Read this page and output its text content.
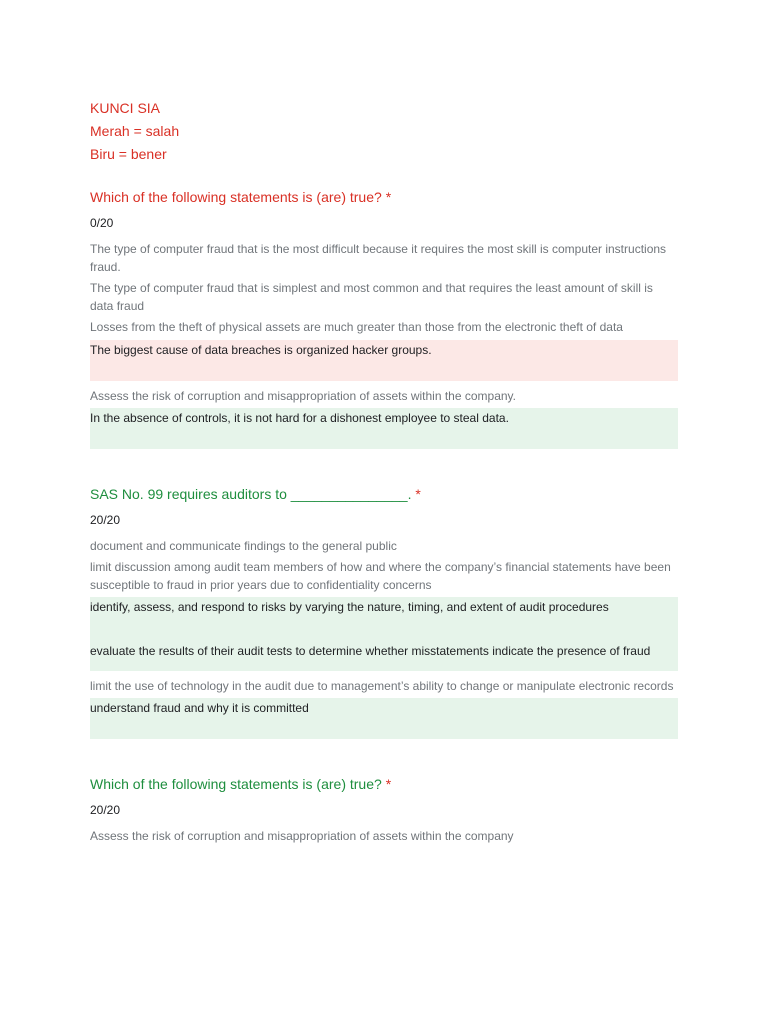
KUNCI SIA
Merah = salah
Biru = bener

Which of the following statements is (are) true? *

0/20
The type of computer fraud that is the most difficult because it requires the most skill is computer instructions fraud.
The type of computer fraud that is simplest and most common and that requires the least amount of skill is data fraud
Losses from the theft of physical assets are much greater than those from the electronic theft of data
The biggest cause of data breaches is organized hacker groups.
Assess the risk of corruption and misappropriation of assets within the company.
In the absence of controls, it is not hard for a dishonest employee to steal data.

SAS No. 99 requires auditors to _______________. *

20/20
document and communicate findings to the general public
limit discussion among audit team members of how and where the company’s financial statements have been susceptible to fraud in prior years due to confidentiality concerns
identify, assess, and respond to risks by varying the nature, timing, and extent of audit procedures
evaluate the results of their audit tests to determine whether misstatements indicate the presence of fraud
limit the use of technology in the audit due to management’s ability to change or manipulate electronic records
understand fraud and why it is committed

Which of the following statements is (are) true? *

20/20
Assess the risk of corruption and misappropriation of assets within the company
